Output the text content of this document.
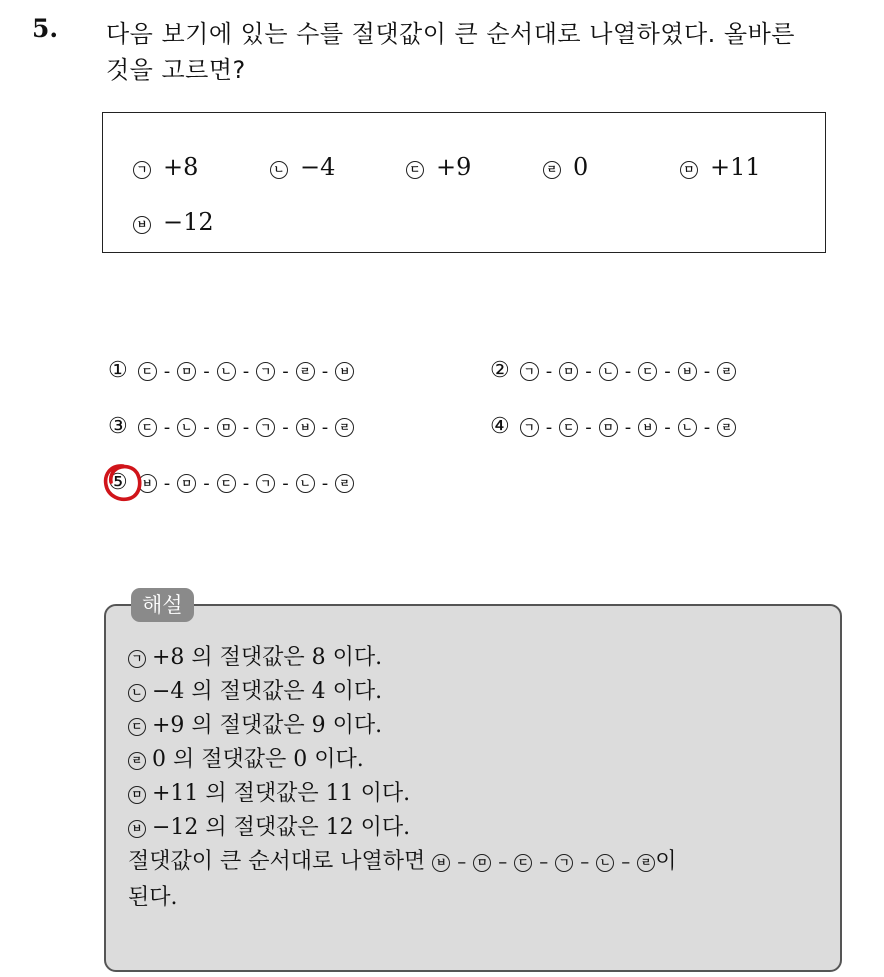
5. 다음 보기에 있는 수를 절댓값이 큰 순서대로 나열하였다. 올바른
것을 고르면?
ㄱ +8	ㄴ −4	ㄷ +9	ㄹ 0	ㅁ +11
ㅂ −12
① ㄷ - ㅁ - ㄴ - ㄱ - ㄹ - ㅂ	② ㄱ - ㅁ - ㄴ - ㄷ - ㅂ - ㄹ
③ ㄷ - ㄴ - ㅁ - ㄱ - ㅂ - ㄹ	④ ㄱ - ㄷ - ㅁ - ㅂ - ㄴ - ㄹ
⑤ ㅂ - ㅁ - ㄷ - ㄱ - ㄴ - ㄹ
해설
ㄱ +8 의 절댓값은 8 이다.
ㄴ −4 의 절댓값은 4 이다.
ㄷ +9 의 절댓값은 9 이다.
ㄹ 0 의 절댓값은 0 이다.
ㅁ +11 의 절댓값은 11 이다.
ㅂ −12 의 절댓값은 12 이다.
절댓값이 큰 순서대로 나열하면 ㅂ – ㅁ – ㄷ – ㄱ – ㄴ – ㄹ 이
된다.
